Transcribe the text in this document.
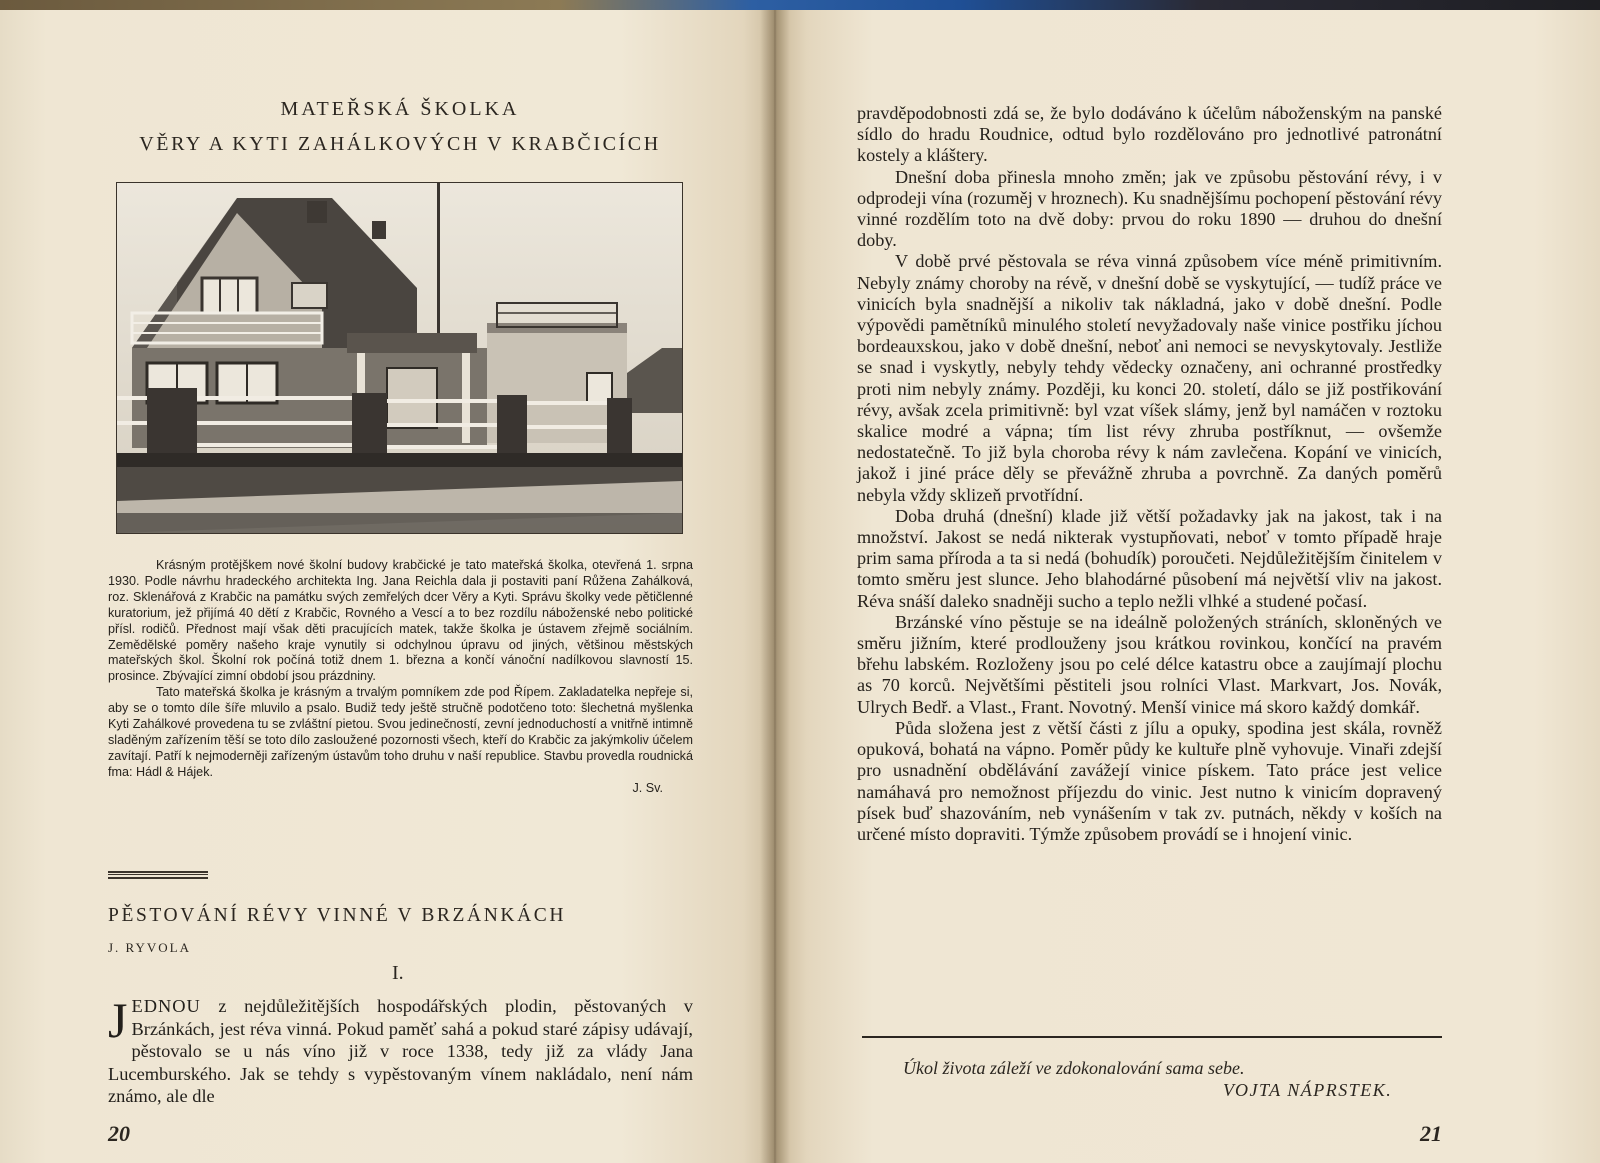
MATEŘSKÁ ŠKOLKA
VĚRY A KYTI ZAHÁLKOVÝCH V KRABČICÍCH

Krásným protějškem nové školní budovy krabčické je tato mateřská školka, otevřená 1. srpna 1930. Podle návrhu hradeckého architekta Ing. Jana Reichla dala ji postaviti paní Růžena Zahálková, roz. Sklenářová z Krabčic na památku svých zemřelých dcer Věry a Kyti. Správu školky vede pětičlenné kuratorium, jež přijímá 40 dětí z Krabčic, Rovného a Vescí a to bez rozdílu náboženské nebo politické přísl. rodičů. Přednost mají však děti pracujících matek, takže školka je ústavem zřejmě sociálním. Zemědělské poměry našeho kraje vynutily si odchylnou úpravu od jiných, většinou městských mateřských škol. Školní rok počíná totiž dnem 1. března a končí vánoční nadílkovou slavností 15. prosince. Zbývající zimní období jsou prázdniny.

Tato mateřská školka je krásným a trvalým pomníkem zde pod Řípem. Zakladatelka nepřeje si, aby se o tomto díle šíře mluvilo a psalo. Budiž tedy ještě stručně podotčeno toto: šlechetná myšlenka Kyti Zahálkové provedena tu se zvláštní pietou. Svou jedinečností, zevní jednoduchostí a vnitřně intimně sladěným zařízením těší se toto dílo zasloužené pozornosti všech, kteří do Krabčic za jakýmkoliv účelem zavítají. Patří k nejmoderněji zařízeným ústavům toho druhu v naší republice. Stavbu provedla roudnická fma: Hádl & Hájek.

J. Sv.

PĚSTOVÁNÍ RÉVY VINNÉ V BRZÁNKÁCH
J. RYVOLA
I.
JEDNOU z nejdůležitějších hospodářských plodin, pěstovaných v Brzánkách, jest réva vinná. Pokud paměť sahá a pokud staré zápisy udávají, pěstovalo se u nás víno již v roce 1338, tedy již za vlády Jana Lucemburského. Jak se tehdy s vypěstovaným vínem nakládalo, není nám známo, ale dle
20

pravděpodobnosti zdá se, že bylo dodáváno k účelům náboženským na panské sídlo do hradu Roudnice, odtud bylo rozdělováno pro jednotlivé patronátní kostely a kláštery.

Dnešní doba přinesla mnoho změn; jak ve způsobu pěstování révy, i v odprodeji vína (rozuměj v hroznech). Ku snadnějšímu pochopení pěstování révy vinné rozdělím toto na dvě doby: prvou do roku 1890 — druhou do dnešní doby.

V době prvé pěstovala se réva vinná způsobem více méně primitivním. Nebyly známy choroby na révě, v dnešní době se vyskytující, — tudíž práce ve vinicích byla snadnější a nikoliv tak nákladná, jako v době dnešní. Podle výpovědi pamětníků minulého století nevyžadovaly naše vinice postřiku jíchou bordeauxskou, jako v době dnešní, neboť ani nemoci se nevyskytovaly. Jestliže se snad i vyskytly, nebyly tehdy vědecky označeny, ani ochranné prostředky proti nim nebyly známy. Později, ku konci 20. století, dálo se již postřikování révy, avšak zcela primitivně: byl vzat víšek slámy, jenž byl namáčen v roztoku skalice modré a vápna; tím list révy zhruba postříknut, — ovšemže nedostatečně. To již byla choroba révy k nám zavlečena. Kopání ve vinicích, jakož i jiné práce děly se převážně zhruba a povrchně. Za daných poměrů nebyla vždy sklizeň prvotřídní.

Doba druhá (dnešní) klade již větší požadavky jak na jakost, tak i na množství. Jakost se nedá nikterak vystupňovati, neboť v tomto případě hraje prim sama příroda a ta si nedá (bohudík) poroučeti. Nejdůležitějším činitelem v tomto směru jest slunce. Jeho blahodárné působení má největší vliv na jakost. Réva snáší daleko snadněji sucho a teplo nežli vlhké a studené počasí.

Brzánské víno pěstuje se na ideálně položených stráních, skloněných ve směru jižním, které prodlouženy jsou krátkou rovinkou, končící na pravém břehu labském. Rozloženy jsou po celé délce katastru obce a zaujímají plochu as 70 korců. Největšími pěstiteli jsou rolníci Vlast. Markvart, Jos. Novák, Ulrych Bedř. a Vlast., Frant. Novotný. Menší vinice má skoro každý domkář.

Půda složena jest z větší části z jílu a opuky, spodina jest skála, rovněž opuková, bohatá na vápno. Poměr půdy ke kultuře plně vyhovuje. Vinaři zdejší pro usnadnění obdělávání zavážejí vinice pískem. Tato práce jest velice namáhavá pro nemožnost příjezdu do vinic. Jest nutno k vinicím dopravený písek buď shazováním, neb vynášením v tak zv. putnách, někdy v koších na určené místo dopraviti. Týmže způsobem provádí se i hnojení vinic.

Úkol života záleží ve zdokonalování sama sebe.
VOJTA NÁPRSTEK.
21
